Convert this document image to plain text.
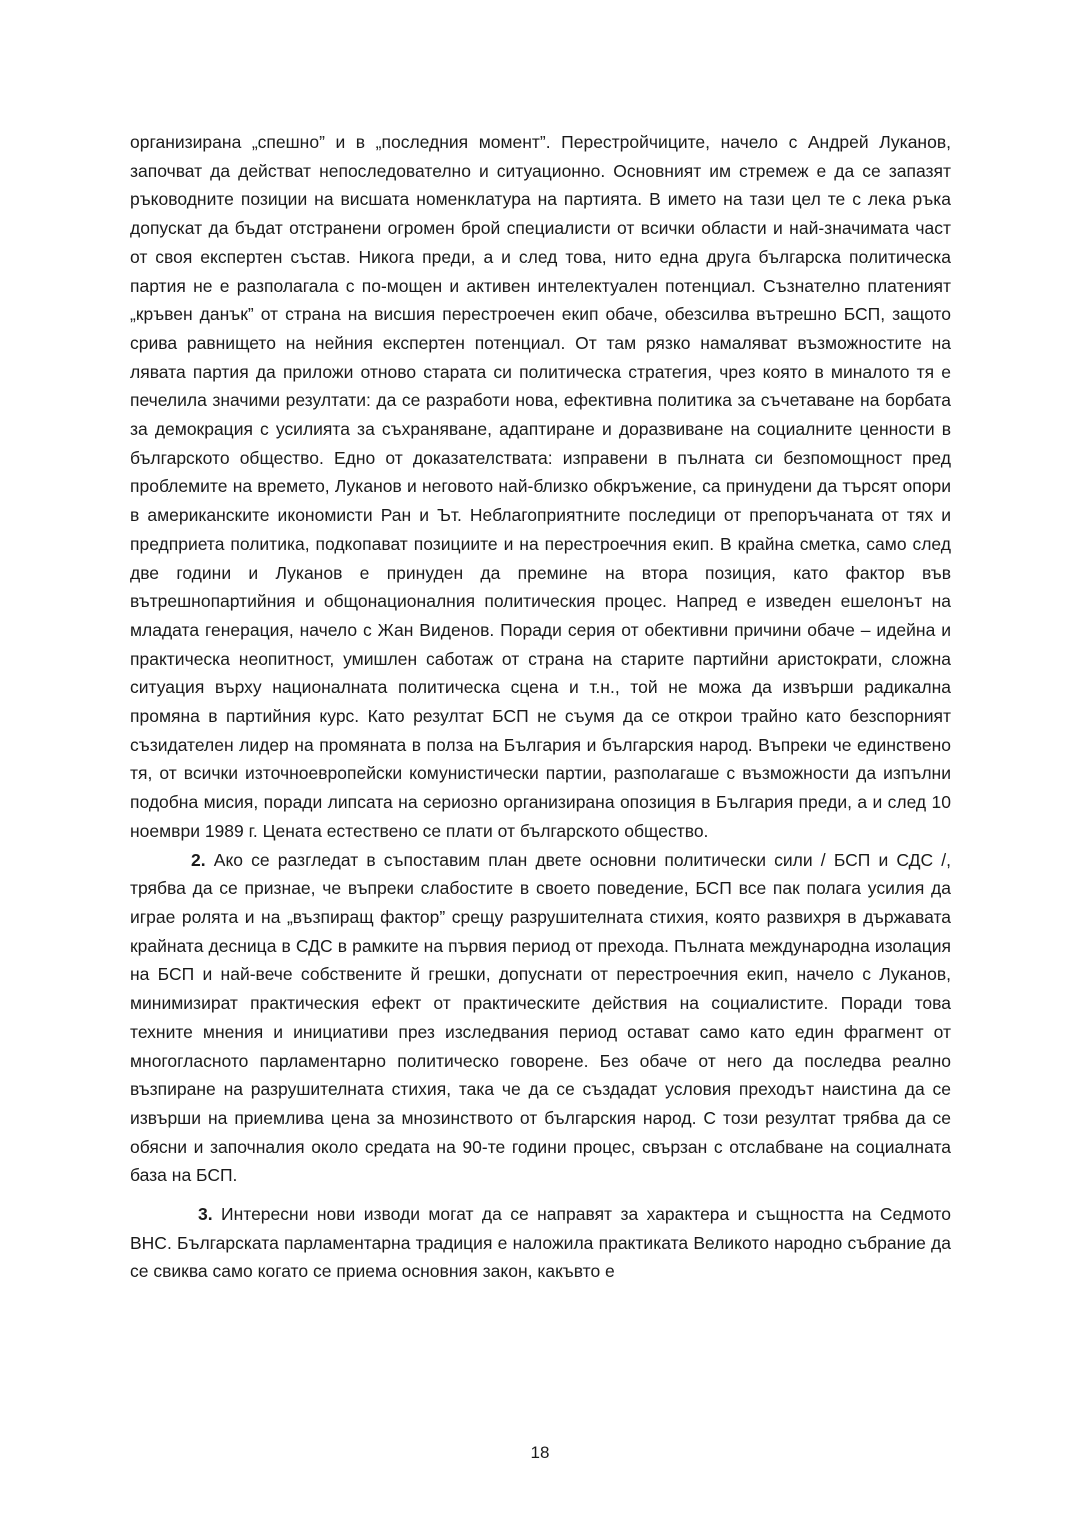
организирана „спешно” и в „последния момент”. Перестройчиците, начело с Андрей Луканов, започват да действат непоследователно и ситуационно. Основният им стремеж е да се запазят ръководните позиции на висшата номенклатура на партията. В името на тази цел те с лека ръка допускат да бъдат отстранени огромен брой специалисти от всички области и най-значимата част от своя експертен състав. Никога преди, а и след това, нито една друга българска политическа партия не е разполагала с по-мощен и активен интелектуален потенциал. Съзнателно платеният „кръвен данък” от страна на висшия перестроечен екип обаче, обезсилва вътрешно БСП, защото срива равнището на нейния експертен потенциал. От там рязко намаляват възможностите на лявата партия да приложи отново старата си политическа стратегия, чрез която в миналото тя е печелила значими резултати: да се разработи нова, ефективна политика за съчетаване на борбата за демокрация с усилията за съхраняване, адаптиране и доразвиване на социалните ценности в българското общество. Едно от доказателствата: изправени в пълната си безпомощност пред проблемите на времето, Луканов и неговото най-близко обкръжение, са принудени да търсят опори в американските икономисти Ран и Ът. Неблагоприятните последици от препоръчаната от тях и предприета политика, подкопават позициите и на перестроечния екип. В крайна сметка, само след две години и Луканов е принуден да премине на втора позиция, като фактор във вътрешнопартийния и общонационалния политическия процес. Напред е изведен ешелонът на младата генерация, начело с Жан Виденов. Поради серия от обективни причини обаче – идейна и практическа неопитност, умишлен саботаж от страна на старите партийни аристократи, сложна ситуация върху националната политическа сцена и т.н., той не можа да извърши радикална промяна в партийния курс. Като резултат БСП не съумя да се открои трайно като безспорният съзидателен лидер на промяната в полза на България и българския народ. Въпреки че единствено тя, от всички източноевропейски комунистически партии, разполагаше с възможности да изпълни подобна мисия, поради липсата на сериозно организирана опозиция в България преди, а и след 10 ноември 1989 г. Цената естествено се плати от българското общество.

2. Ако се разгледат в съпоставим план двете основни политически сили / БСП и СДС /, трябва да се признае, че въпреки слабостите в своето поведение, БСП все пак полага усилия да играе ролята и на „възпиращ фактор” срещу разрушителната стихия, която развихря в държавата крайната десница в СДС в рамките на първия период от прехода. Пълната международна изолация на БСП и най-вече собствените й грешки, допуснати от перестроечния екип, начело с Луканов, минимизират практическия ефект от практическите действия на социалистите. Поради това техните мнения и инициативи през изследвания период остават само като един фрагмент от многогласното парламентарно политическо говорене. Без обаче от него да последва реално възпиране на разрушителната стихия, така че да се създадат условия преходът наистина да се извърши на приемлива цена за мнозинството от българския народ. С този резултат трябва да се обясни и започналия около средата на 90-те години процес, свързан с отслабване на социалната база на БСП.

3. Интересни нови изводи могат да се направят за характера и същността на Седмото ВНС. Българската парламентарна традиция е наложила практиката Великото народно събрание да се свиква само когато се приема основния закон, какъвто е

18
